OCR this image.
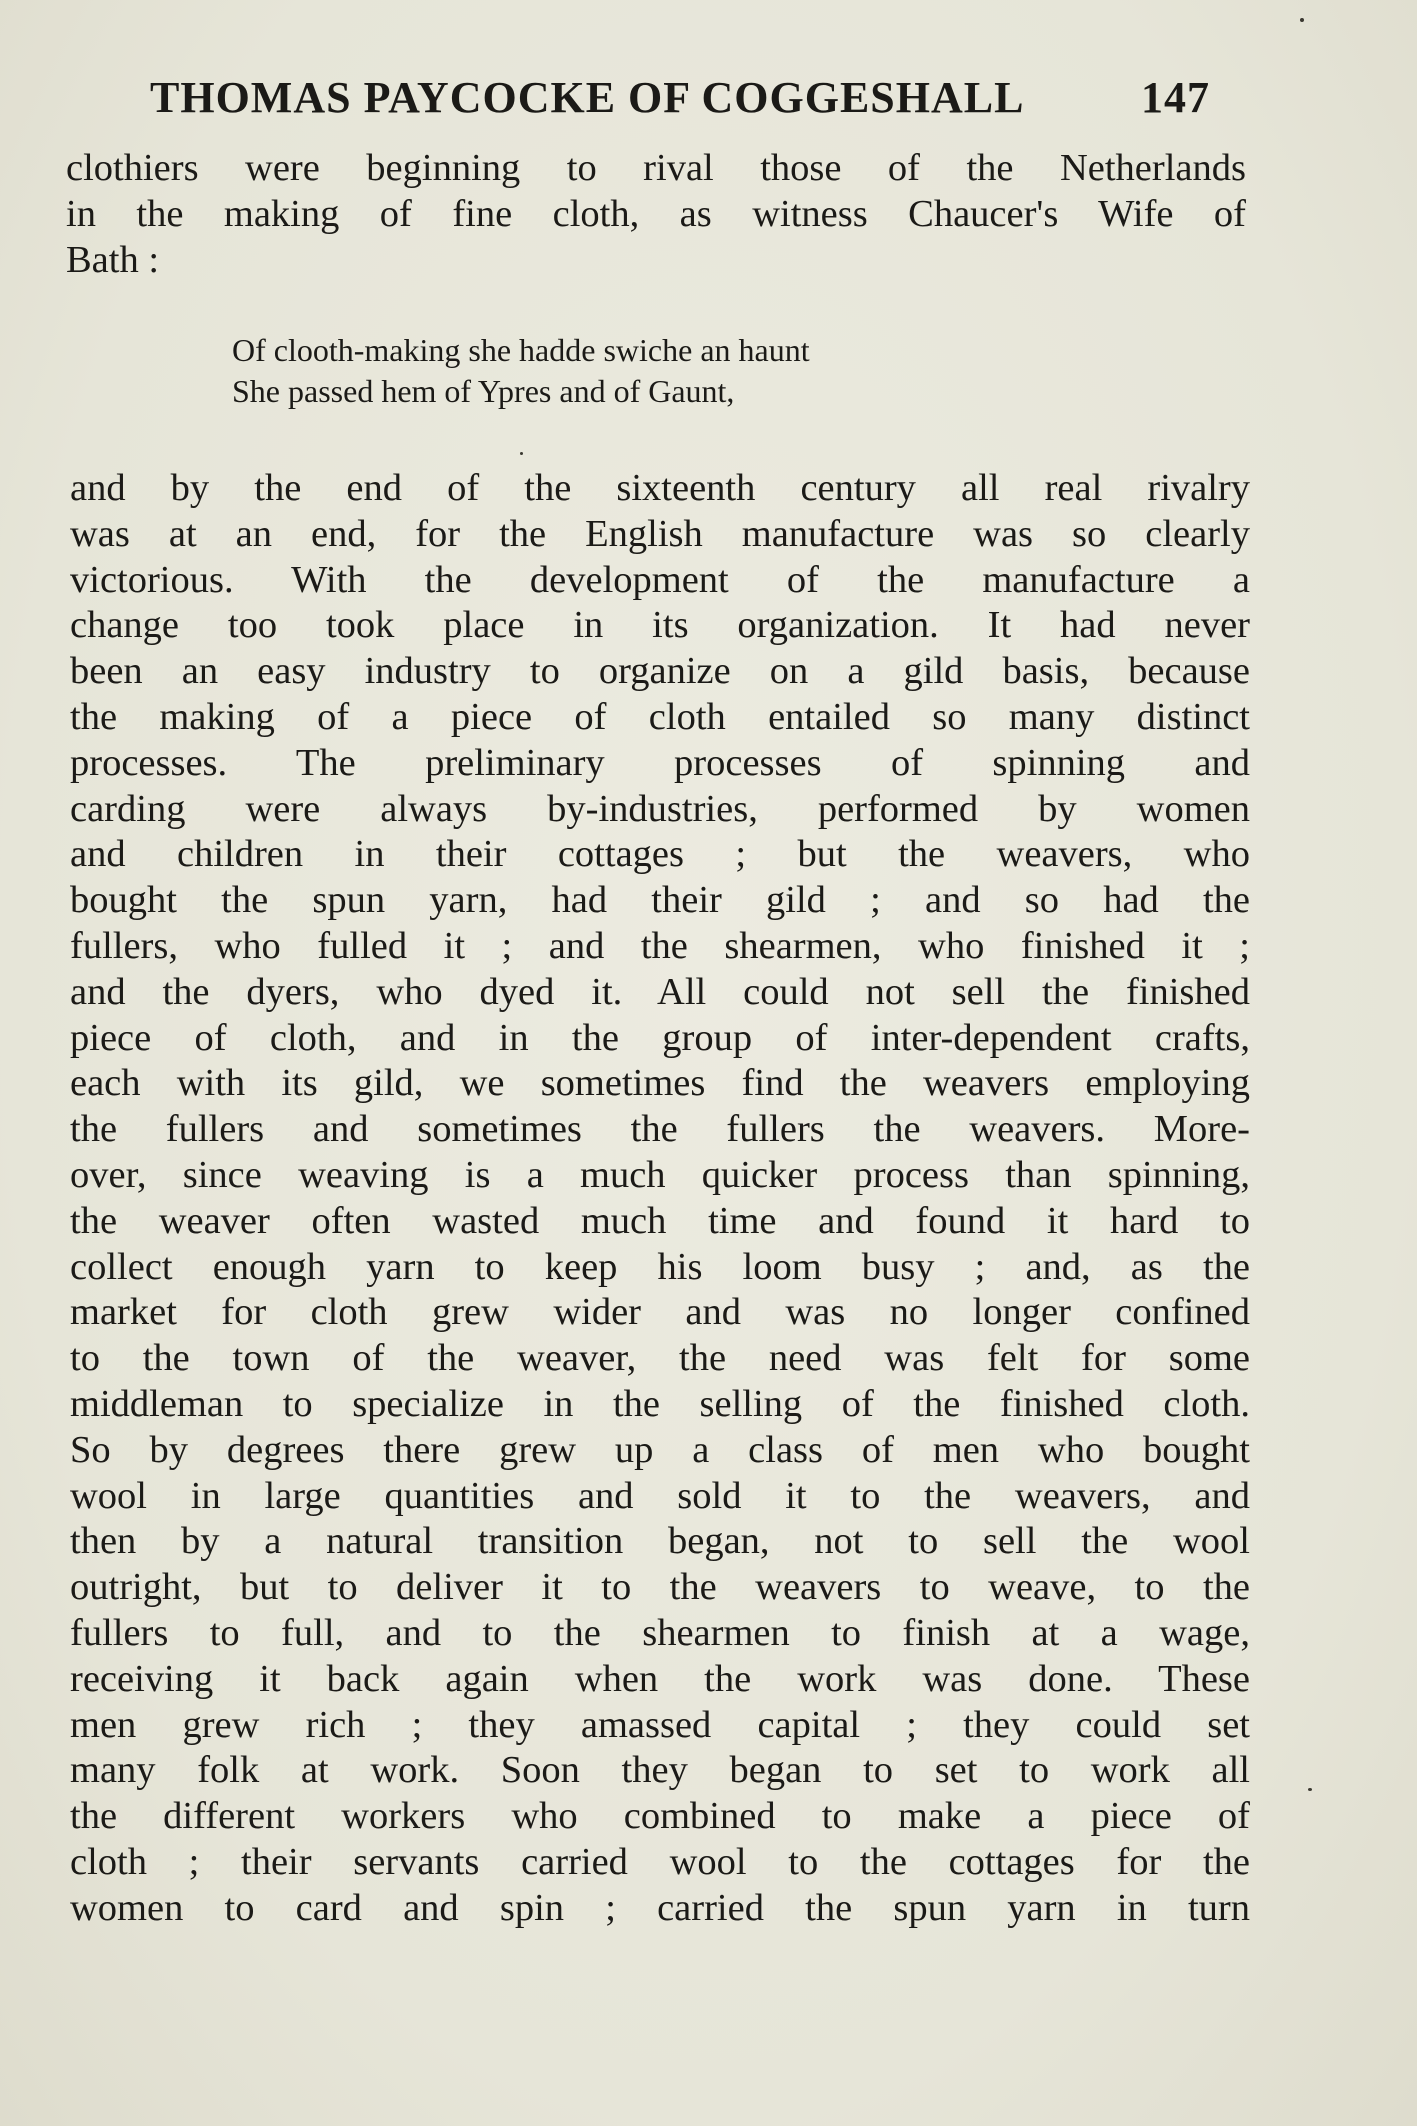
THOMAS PAYCOCKE OF COGGESHALL	147
clothiers were beginning to rival those of the Netherlands
in the making of fine cloth, as witness Chaucer's Wife of
Bath :
Of clooth-making she hadde swiche an haunt
She passed hem of Ypres and of Gaunt,
and by the end of the sixteenth century all real rivalry
was at an end, for the English manufacture was so clearly
victorious. With the development of the manufacture a
change too took place in its organization. It had never
been an easy industry to organize on a gild basis, because
the making of a piece of cloth entailed so many distinct
processes. The preliminary processes of spinning and
carding were always by-industries, performed by women
and children in their cottages ; but the weavers, who
bought the spun yarn, had their gild ; and so had the
fullers, who fulled it ; and the shearmen, who finished it ;
and the dyers, who dyed it. All could not sell the finished
piece of cloth, and in the group of inter-dependent crafts,
each with its gild, we sometimes find the weavers employing
the fullers and sometimes the fullers the weavers. More-
over, since weaving is a much quicker process than spinning,
the weaver often wasted much time and found it hard to
collect enough yarn to keep his loom busy ; and, as the
market for cloth grew wider and was no longer confined
to the town of the weaver, the need was felt for some
middleman to specialize in the selling of the finished cloth.
So by degrees there grew up a class of men who bought
wool in large quantities and sold it to the weavers, and
then by a natural transition began, not to sell the wool
outright, but to deliver it to the weavers to weave, to the
fullers to full, and to the shearmen to finish at a wage,
receiving it back again when the work was done. These
men grew rich ; they amassed capital ; they could set
many folk at work. Soon they began to set to work all
the different workers who combined to make a piece of
cloth ; their servants carried wool to the cottages for the
women to card and spin ; carried the spun yarn in turn
